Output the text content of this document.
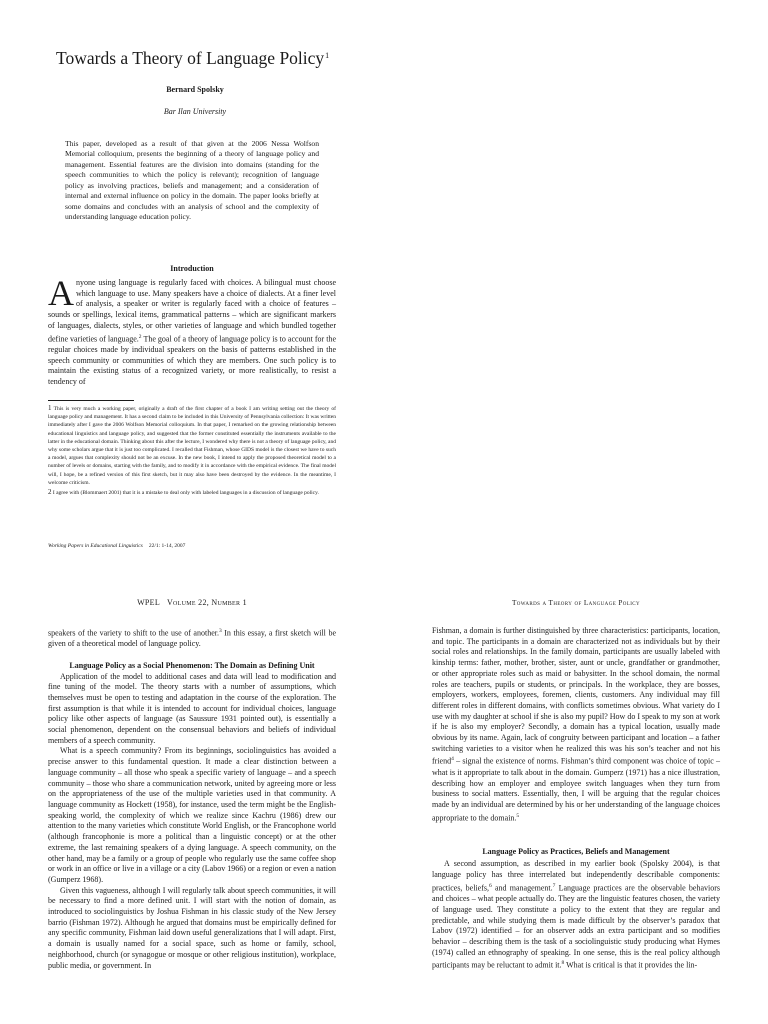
Towards a Theory of Language Policy$^1$
Bernard Spolsky
Bar Ilan University

This paper, developed as a result of that given at the 2006 Nessa Wolfson Memorial colloquium, presents the beginning of a theory of language policy and management. Essential features are the division into domains (standing for the speech communities to which the policy is relevant); recognition of language policy as involving practices, beliefs and management; and a consideration of internal and external influence on policy in the domain. The paper looks briefly at some domains and concludes with an analysis of school and the complexity of understanding language education policy.

Introduction

Anyone using language is regularly faced with choices. A bilingual must choose which language to use. Many speakers have a choice of dialects. At a finer level of analysis, a speaker or writer is regularly faced with a choice of features – sounds or spellings, lexical items, grammatical patterns – which are significant markers of languages, dialects, styles, or other varieties of language and which bundled together define varieties of language.$^2$ The goal of a theory of language policy is to account for the regular choices made by individual speakers on the basis of patterns established in the speech community or communities of which they are members. One such policy is to maintain the existing status of a recognized variety, or more realistically, to resist a tendency of

1 This is very much a working paper, originally a draft of the first chapter of a book I am writing setting out the theory of language policy and management. It has a second claim to be included in this University of Pennsylvania collection: It was written immediately after I gave the 2006 Wolfson Memorial colloquium. In that paper, I remarked on the growing relationship between educational linguistics and language policy, and suggested that the former constituted essentially the instruments available to the latter in the educational domain. Thinking about this after the lecture, I wondered why there is not a theory of language policy, and why some scholars argue that it is just too complicated. I recalled that Fishman, whose GIDS model is the closest we have to such a model, argues that complexity should not be an excuse. In the new book, I intend to apply the proposed theoretical model to a number of levels or domains, starting with the family, and to modify it in accordance with the empirical evidence. The final model will, I hope, be a refined version of this first sketch, but it may also have been destroyed by the evidence. In the meantime, I welcome criticism.

2 I agree with (Blommaert 2001) that it is a mistake to deal only with labeled languages in a discussion of language policy.

Working Papers in Educational Linguistics 22/1: 1-14, 2007
WPEL Volume 22, Number 1	Towards a Theory of Language Policy

speakers of the variety to shift to the use of another.$^3$ In this essay, a first sketch will be given of a theoretical model of language policy.

Language Policy as a Social Phenomenon: The Domain as Defining Unit

Application of the model to additional cases and data will lead to modification and fine tuning of the model. The theory starts with a number of assumptions, which themselves must be open to testing and adaptation in the course of the exploration. The first assumption is that while it is intended to account for individual choices, language policy like other aspects of language (as Saussure 1931 pointed out), is essentially a social phenomenon, dependent on the consensual behaviors and beliefs of individual members of a speech community.

What is a speech community? From its beginnings, sociolinguistics has avoided a precise answer to this fundamental question. It made a clear distinction between a language community – all those who speak a specific variety of language – and a speech community – those who share a communication network, united by agreeing more or less on the appropriateness of the use of the multiple varieties used in that community. A language community as Hockett (1958), for instance, used the term might be the English-speaking world, the complexity of which we realize since Kachru (1986) drew our attention to the many varieties which constitute World English, or the Francophone world (although francophonie is more a political than a linguistic concept) or at the other extreme, the last remaining speakers of a dying language. A speech community, on the other hand, may be a family or a group of people who regularly use the same coffee shop or work in an office or live in a village or a city (Labov 1966) or a region or even a nation (Gumperz 1968).

Given this vagueness, although I will regularly talk about speech communities, it will be necessary to find a more defined unit. I will start with the notion of domain, as introduced to sociolinguistics by Joshua Fishman in his classic study of the New Jersey barrio (Fishman 1972). Although he argued that domains must be empirically defined for any specific community, Fishman laid down useful generalizations that I will adapt. First, a domain is usually named for a social space, such as home or family, school, neighborhood, church (or synagogue or mosque or other religious institution), workplace, public media, or government. In

Fishman, a domain is further distinguished by three characteristics: participants, location, and topic. The participants in a domain are characterized not as individuals but by their social roles and relationships. In the family domain, participants are usually labeled with kinship terms: father, mother, brother, sister, aunt or uncle, grandfather or grandmother, or other appropriate roles such as maid or babysitter. In the school domain, the normal roles are teachers, pupils or students, or principals. In the workplace, they are bosses, employers, workers, employees, foremen, clients, customers. Any individual may fill different roles in different domains, with conflicts sometimes obvious. What variety do I use with my daughter at school if she is also my pupil? How do I speak to my son at work if he is also my employer? Secondly, a domain has a typical location, usually made obvious by its name. Again, lack of congruity between participant and location – a father switching varieties to a visitor when he realized this was his son’s teacher and not his friend$^4$ – signal the existence of norms. Fishman’s third component was choice of topic – what is it appropriate to talk about in the domain. Gumperz (1971) has a nice illustration, describing how an employer and employee switch languages when they turn from business to social matters. Essentially, then, I will be arguing that the regular choices made by an individual are determined by his or her understanding of the language choices appropriate to the domain.$^5$

Language Policy as Practices, Beliefs and Management

A second assumption, as described in my earlier book (Spolsky 2004), is that language policy has three interrelated but independently describable components: practices, beliefs,$^6$ and management.$^7$ Language practices are the observable behaviors and choices – what people actually do. They are the linguistic features chosen, the variety of language used. They constitute a policy to the extent that they are regular and predictable, and while studying them is made difficult by the observer’s paradox that Labov (1972) identified – for an observer adds an extra participant and so modifies behavior – describing them is the task of a sociolinguistic study producing what Hymes (1974) called an ethnography of speaking. In one sense, this is the real policy although participants may be reluctant to admit it.$^8$ What is critical is that it provides the lin-
